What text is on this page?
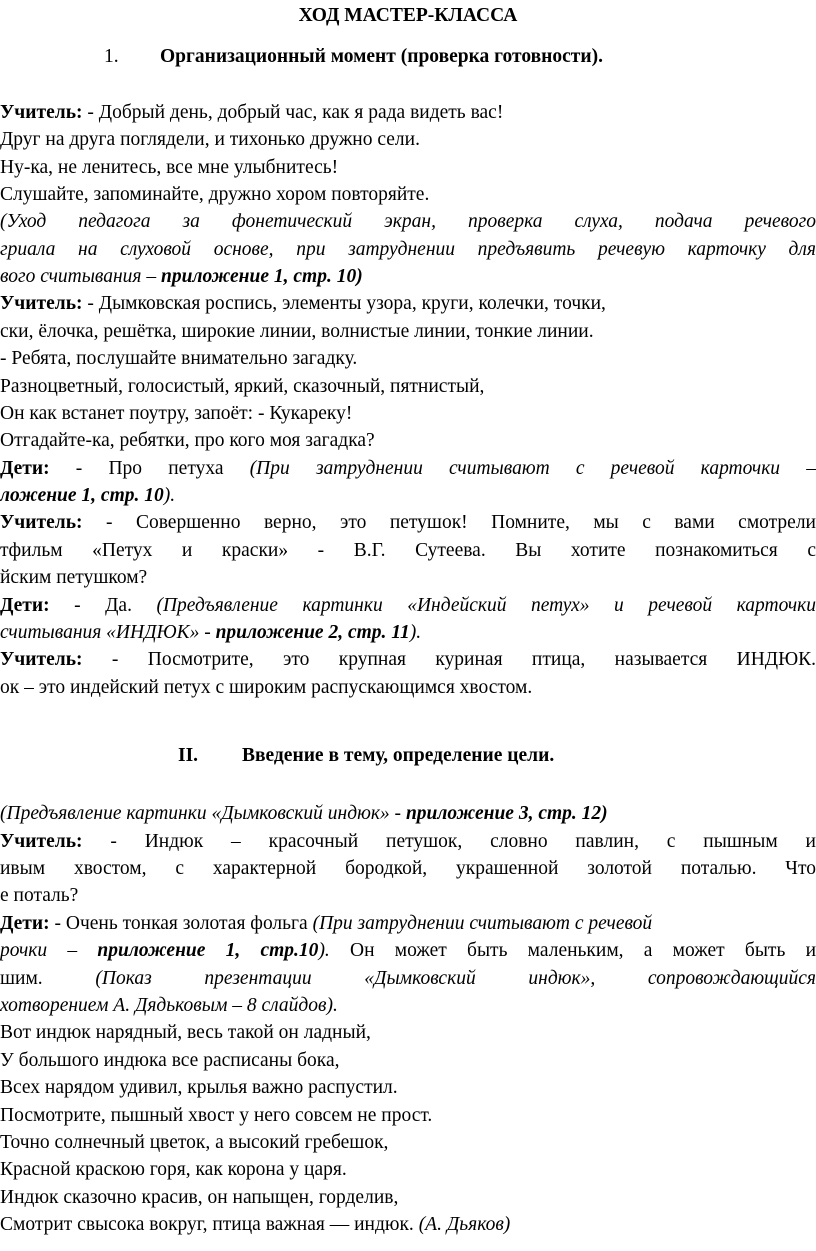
ХОД МАСТЕР-КЛАССА
1. Организационный момент (проверка готовности).
Учитель: - Добрый день, добрый час, как я рада видеть вас!
Друг на друга поглядели, и тихонько дружно сели.
Ну-ка, не ленитесь, все мне улыбнитесь!
Слушайте, запоминайте, дружно хором повторяйте.
(Уход педагога за фонетический экран, проверка слуха, подача речевого
гриала на слуховой основе, при затруднении предъявить речевую карточку для
вого считывания – приложение 1, стр. 10)
Учитель: - Дымковская роспись, элементы узора, круги, колечки, точки,
ски, ёлочка, решётка, широкие линии, волнистые линии, тонкие линии.
- Ребята, послушайте внимательно загадку.
Разноцветный, голосистый, яркий, сказочный, пятнистый,
Он как встанет поутру, запоёт: - Кукареку!
Отгадайте-ка, ребятки, про кого моя загадка?
Дети: - Про петуха (При затруднении считывают с речевой карточки –
ложение 1, стр. 10).
Учитель: - Совершенно верно, это петушок! Помните, мы с вами смотрели
тфильм «Петух и краски» - В.Г. Сутеева. Вы хотите познакомиться с
йским петушком?
Дети: - Да. (Предъявление картинки «Индейский петух» и речевой карточки
считывания «ИНДЮК» - приложение 2, стр. 11).
Учитель: - Посмотрите, это крупная куриная птица, называется ИНДЮК.
ок – это индейский петух с широким распускающимся хвостом.
II. Введение в тему, определение цели.
(Предъявление картинки «Дымковский индюк» - приложение 3, стр. 12)
Учитель: - Индюк – красочный петушок, словно павлин, с пышным и
ивым хвостом, с характерной бородкой, украшенной золотой поталью. Что
е поталь?
Дети: - Очень тонкая золотая фольга (При затруднении считывают с речевой
рочки – приложение 1, стр.10). Он может быть маленьким, а может быть и
шим. (Показ презентации «Дымковский индюк», сопровождающийся
хотворением А. Дядьковым – 8 слайдов).
Вот индюк нарядный, весь такой он ладный,
У большого индюка все расписаны бока,
Всех нарядом удивил, крылья важно распустил.
Посмотрите, пышный хвост у него совсем не прост.
Точно солнечный цветок, а высокий гребешок,
Красной краскою горя, как корона у царя.
Индюк сказочно красив, он напыщен, горделив,
Смотрит свысока вокруг, птица важная — индюк. (А. Дьяков)
